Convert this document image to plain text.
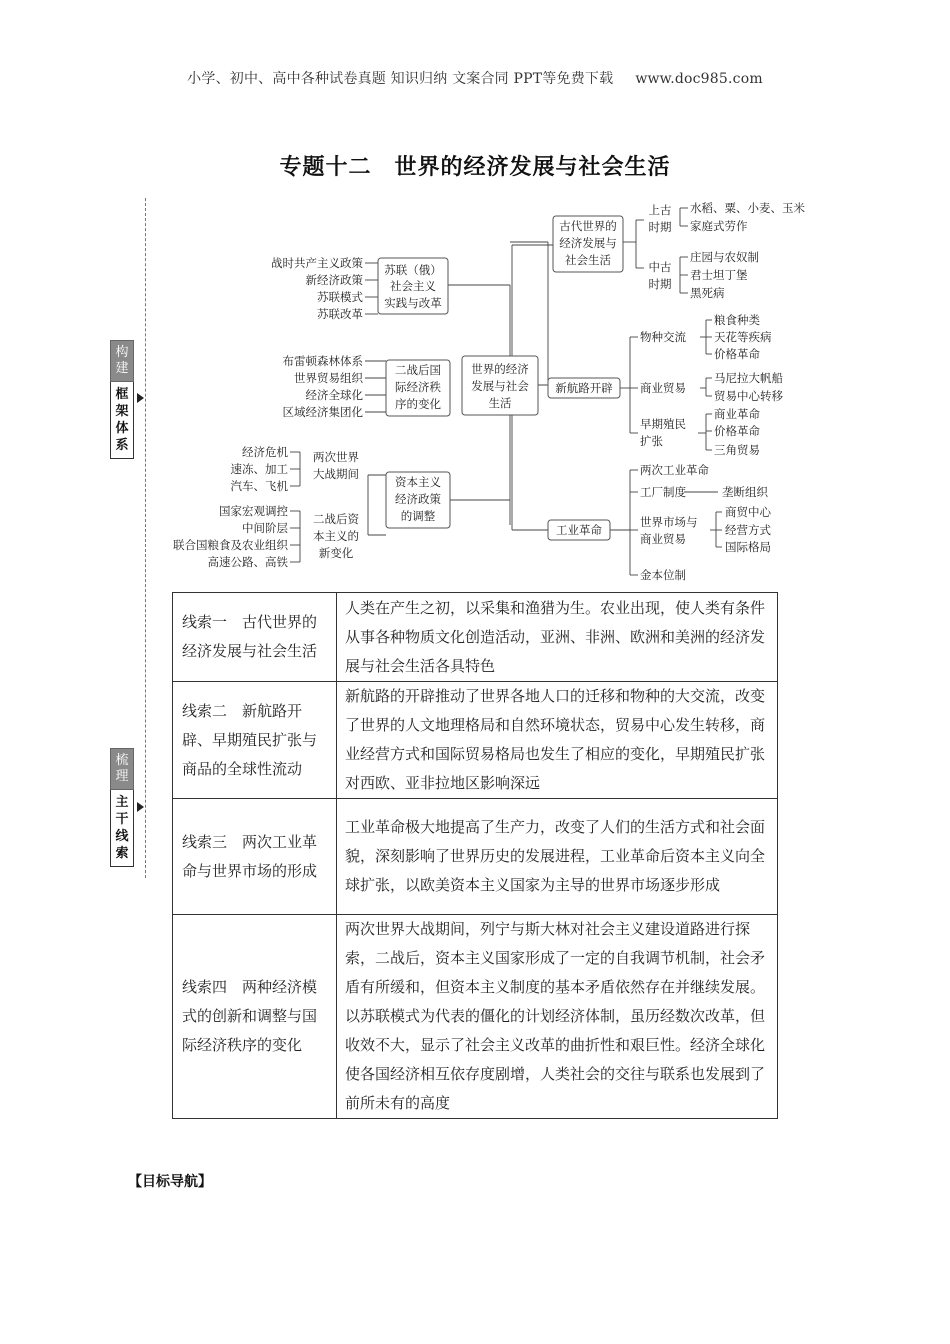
小学、初中、高中各种试卷真题 知识归纳 文案合同 PPT等免费下载 www.doc985.com
专题十二　世界的经济发展与社会生活
构建
框架体系
梳理
主干线索
世界的经济
发展与社会
生活
苏联（俄）
社会主义
实践与改革
战时共产主义政策
新经济政策
苏联模式
苏联改革
二战后国
际经济秩
序的变化
布雷顿森林体系
世界贸易组织
经济全球化
区域经济集团化
资本主义
经济政策
的调整
两次世界
大战期间
经济危机
速冻、加工
汽车、飞机
二战后资
本主义的
新变化
国家宏观调控
中间阶层
联合国粮食及农业组织
高速公路、高铁
古代世界的
经济发展与
社会生活
上古
时期
水稻、粟、小麦、玉米
家庭式劳作
中古
时期
庄园与农奴制
君士坦丁堡
黑死病
新航路开辟
物种交流
粮食种类
天花等疾病
价格革命
商业贸易
马尼拉大帆船
贸易中心转移
早期殖民
扩张
商业革命
价格革命
三角贸易
工业革命
两次工业革命
工厂制度	垄断组织
金本位制
世界市场与
商业贸易
商贸中心
经营方式
国际格局
线索一　古代世界的经济发展与社会生活	人类在产生之初，以采集和渔猎为生。农业出现，使人类有条件从事各种物质文化创造活动，亚洲、非洲、欧洲和美洲的经济发展与社会生活各具特色
线索二　新航路开辟、早期殖民扩张与商品的全球性流动	新航路的开辟推动了世界各地人口的迁移和物种的大交流，改变了世界的人文地理格局和自然环境状态，贸易中心发生转移，商业经营方式和国际贸易格局也发生了相应的变化，早期殖民扩张对西欧、亚非拉地区影响深远
线索三　两次工业革命与世界市场的形成	工业革命极大地提高了生产力，改变了人们的生活方式和社会面貌，深刻影响了世界历史的发展进程，工业革命后资本主义向全球扩张，以欧美资本主义国家为主导的世界市场逐步形成
线索四　两种经济模式的创新和调整与国际经济秩序的变化	两次世界大战期间，列宁与斯大林对社会主义建设道路进行探索，二战后，资本主义国家形成了一定的自我调节机制，社会矛盾有所缓和，但资本主义制度的基本矛盾依然存在并继续发展。以苏联模式为代表的僵化的计划经济体制，虽历经数次改革，但收效不大，显示了社会主义改革的曲折性和艰巨性。经济全球化使各国经济相互依存度剧增，人类社会的交往与联系也发展到了前所未有的高度
【目标导航】
